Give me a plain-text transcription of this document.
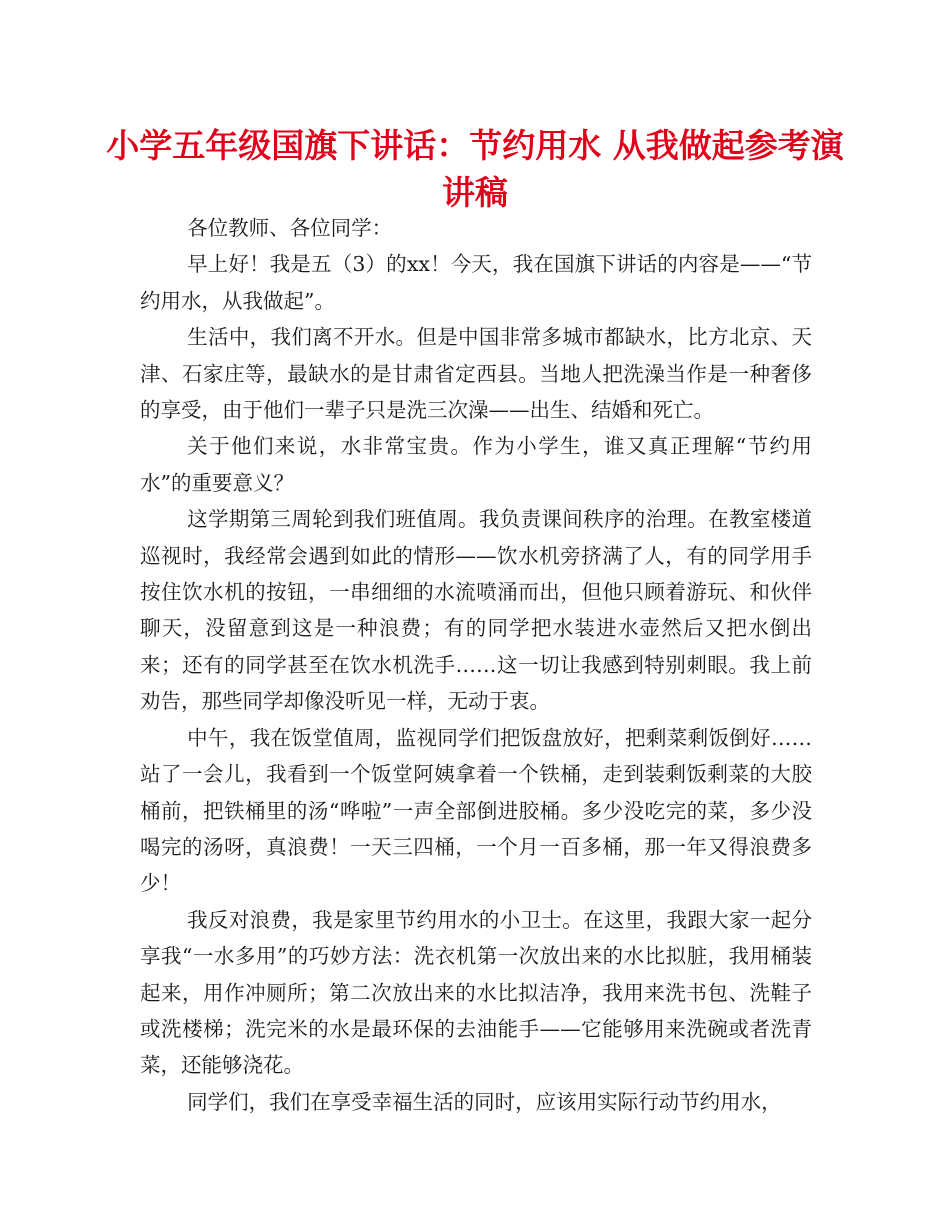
小学五年级国旗下讲话：节约用水 从我做起参考演讲稿

各位教师、各位同学：

早上好！我是五（3）的xx！今天，我在国旗下讲话的内容是——“节约用水，从我做起”。

生活中，我们离不开水。但是中国非常多城市都缺水，比方北京、天津、石家庄等，最缺水的是甘肃省定西县。当地人把洗澡当作是一种奢侈的享受，由于他们一辈子只是洗三次澡——出生、结婚和死亡。

关于他们来说，水非常宝贵。作为小学生，谁又真正理解“节约用水”的重要意义？

这学期第三周轮到我们班值周。我负责课间秩序的治理。在教室楼道巡视时，我经常会遇到如此的情形——饮水机旁挤满了人，有的同学用手按住饮水机的按钮，一串细细的水流喷涌而出，但他只顾着游玩、和伙伴聊天，没留意到这是一种浪费；有的同学把水装进水壶然后又把水倒出来；还有的同学甚至在饮水机洗手……这一切让我感到特别刺眼。我上前劝告，那些同学却像没听见一样，无动于衷。

中午，我在饭堂值周，监视同学们把饭盘放好，把剩菜剩饭倒好……站了一会儿，我看到一个饭堂阿姨拿着一个铁桶，走到装剩饭剩菜的大胶桶前，把铁桶里的汤“哗啦”一声全部倒进胶桶。多少没吃完的菜，多少没喝完的汤呀，真浪费！一天三四桶，一个月一百多桶，那一年又得浪费多少！

我反对浪费，我是家里节约用水的小卫士。在这里，我跟大家一起分享我“一水多用”的巧妙方法：洗衣机第一次放出来的水比拟脏，我用桶装起来，用作冲厕所；第二次放出来的水比拟洁净，我用来洗书包、洗鞋子或洗楼梯；洗完米的水是最环保的去油能手——它能够用来洗碗或者洗青菜，还能够浇花。

同学们，我们在享受幸福生活的同时，应该用实际行动节约用水，
